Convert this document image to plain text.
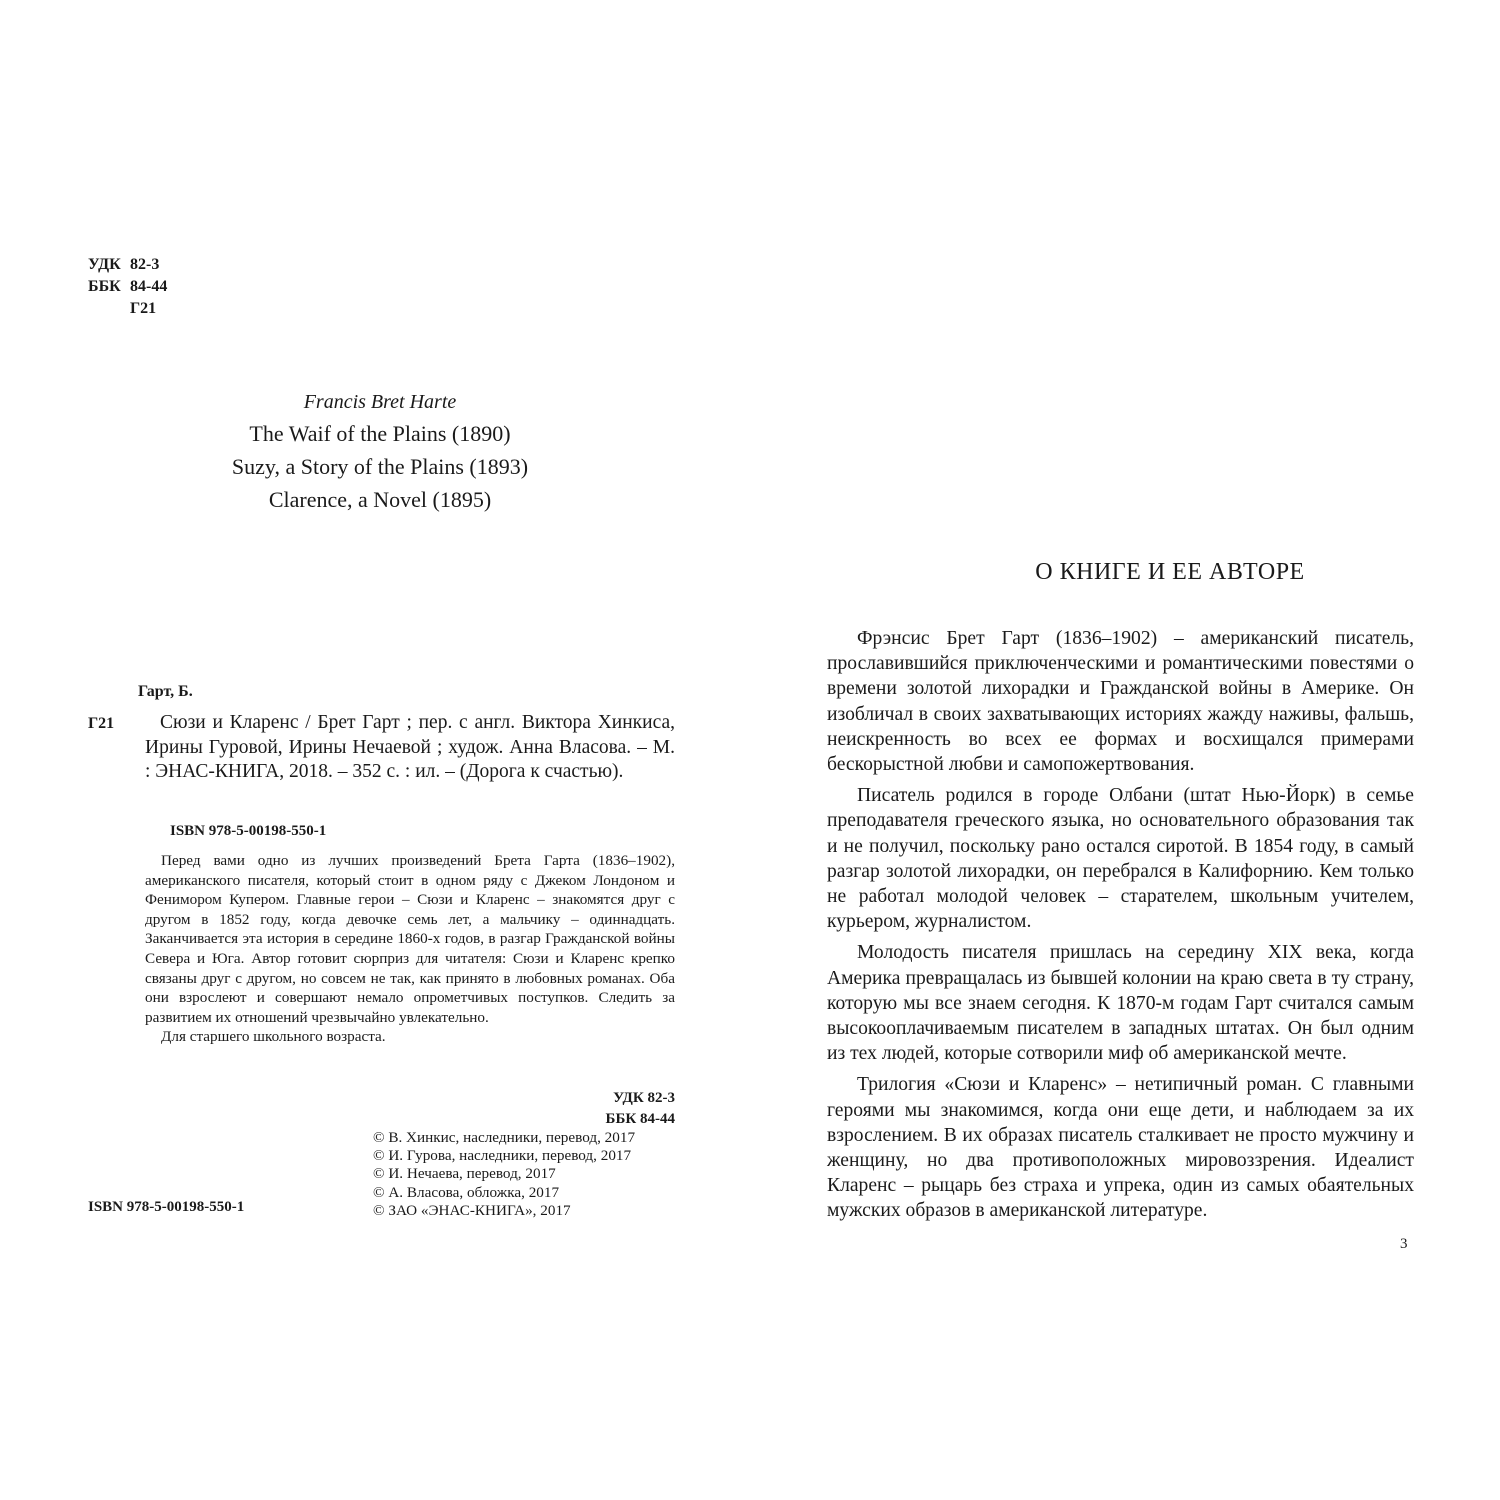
УДК 82-3
ББК 84-44
Г21
Francis Bret Harte
The Waif of the Plains (1890)
Suzy, a Story of the Plains (1893)
Clarence, a Novel (1895)
Гарт, Б.
Г21	Сюзи и Кларенс / Брет Гарт ; пер. с англ. Виктора Хинкиса, Ирины Гуровой, Ирины Нечаевой ; худож. Анна Власова. – М. : ЭНАС-КНИГА, 2018. – 352 с. : ил. – (Дорога к счастью).
ISBN 978-5-00198-550-1

Перед вами одно из лучших произведений Брета Гарта (1836–1902), американского писателя, который стоит в одном ряду с Джеком Лондоном и Фенимором Купером. Главные герои – Сюзи и Кларенс – знакомятся друг с другом в 1852 году, когда девочке семь лет, а мальчику – одиннадцать. Заканчивается эта история в середине 1860-х годов, в разгар Гражданской войны Севера и Юга. Автор готовит сюрприз для читателя: Сюзи и Кларенс крепко связаны друг с другом, но совсем не так, как принято в любовных романах. Оба они взрослеют и совершают немало опрометчивых поступков. Следить за развитием их отношений чрезвычайно увлекательно.

Для старшего школьного возраста.

УДК 82-3
ББК 84-44
© В. Хинкис, наследники, перевод, 2017
© И. Гурова, наследники, перевод, 2017
© И. Нечаева, перевод, 2017
© А. Власова, обложка, 2017
© ЗАО «ЭНАС-КНИГА», 2017
ISBN 978-5-00198-550-1
О КНИГЕ И ЕЕ АВТОРЕ

Фрэнсис Брет Гарт (1836–1902) – американский писатель, прославившийся приключенческими и романтическими повестями о времени золотой лихорадки и Гражданской войны в Америке. Он изобличал в своих захватывающих историях жажду наживы, фальшь, неискренность во всех ее формах и восхищался примерами бескорыстной любви и самопожертвования.

Писатель родился в городе Олбани (штат Нью-Йорк) в семье преподавателя греческого языка, но основательного образования так и не получил, поскольку рано остался сиротой. В 1854 году, в самый разгар золотой лихорадки, он перебрался в Калифорнию. Кем только не работал молодой человек – старателем, школьным учителем, курьером, журналистом.

Молодость писателя пришлась на середину XIX века, когда Америка превращалась из бывшей колонии на краю света в ту страну, которую мы все знаем сегодня. К 1870-м годам Гарт считался самым высокооплачиваемым писателем в западных штатах. Он был одним из тех людей, которые сотворили миф об американской мечте.

Трилогия «Сюзи и Кларенс» – нетипичный роман. С главными героями мы знакомимся, когда они еще дети, и наблюдаем за их взрослением. В их образах писатель сталкивает не просто мужчину и женщину, но два противоположных мировоззрения. Идеалист Кларенс – рыцарь без страха и упрека, один из самых обаятельных мужских образов в американской литературе.

3
